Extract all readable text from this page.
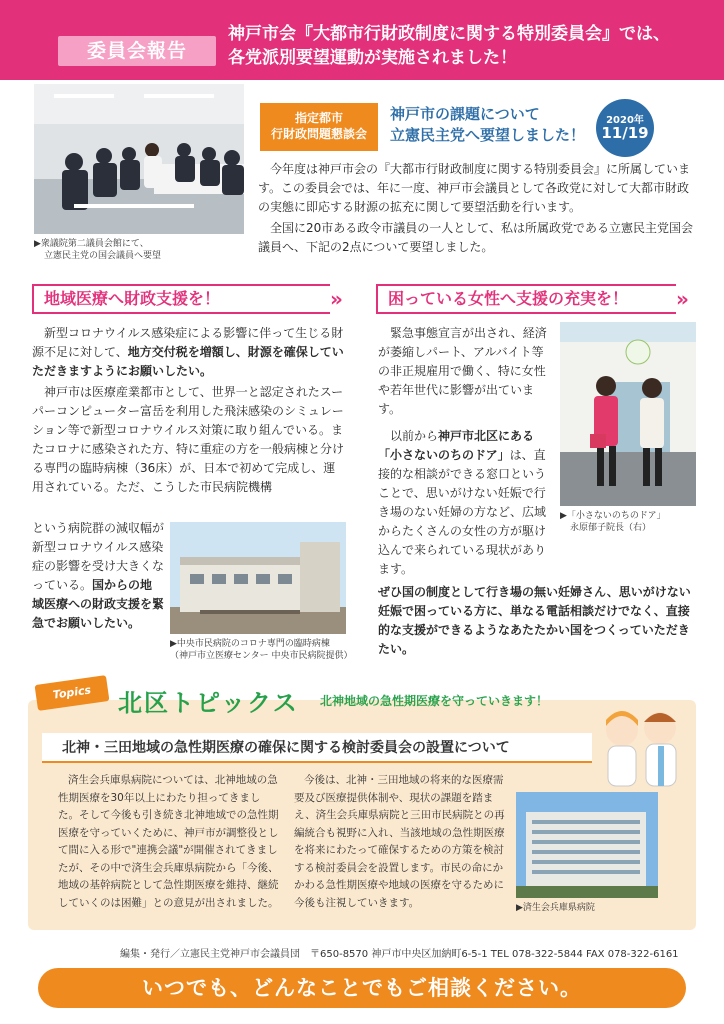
委員会報告
神戸市会『大都市行財政制度に関する特別委員会』では、
各党派別要望運動が実施されました！
▶衆議院第二議員会館にて、
立憲民主党の国会議員へ要望
指定都市
行財政問題懇談会
神戸市の課題について
立憲民主党へ要望しました！
2020年
11/19
今年度は神戸市会の『大都市行財政制度に関する特別委員会』に所属しています。この委員会では、年に一度、神戸市会議員として各政党に対して大都市財政の実態に即応する財源の拡充に関して要望活動を行います。
全国に20市ある政令市議員の一人として、私は所属政党である立憲民主党国会議員へ、下記の2点について要望しました。
地域医療へ財政支援を！	»	困っている女性へ支援の充実を！	»
新型コロナウイルス感染症による影響に伴って生じる財源不足に対して、地方交付税を増額し、財源を確保していただきますようにお願いしたい。
神戸市は医療産業都市として、世界一と認定されたスーパーコンピューター富岳を利用した飛沫感染のシミュレーション等で新型コロナウイルス対策に取り組んでいる。またコロナに感染された方、特に重症の方を一般病棟と分ける専門の臨時病棟（36床）が、日本で初めて完成し、運用されている。ただ、こうした市民病院機構
という病院群の減収幅が新型コロナウイルス感染症の影響を受け大きくなっている。国からの地域医療への財政支援を緊急でお願いしたい。
▶中央市民病院のコロナ専門の臨時病棟
（神戸市立医療センター 中央市民病院提供）
緊急事態宣言が出され、経済が萎縮しパート、アルバイト等の非正規雇用で働く、特に女性や若年世代に影響が出ています。
以前から神戸市北区にある「小さないのちのドア」は、直接的な相談ができる窓口ということで、思いがけない妊娠で行き場のない妊婦の方など、広域からたくさんの女性の方が駆け込んで来られている現状があります。
ぜひ国の制度として行き場の無い妊婦さん、思いがけない妊娠で困っている方に、単なる電話相談だけでなく、直接的な支援ができるようなあたたかい国をつくっていただきたい。
▶「小さないのちのドア」
永原郁子院長（右）
Topics	北区トピックス 北神地域の急性期医療を守っていきます！
北神・三田地域の急性期医療の確保に関する検討委員会の設置について
済生会兵庫県病院については、北神地域の急性期医療を30年以上にわたり担ってきました。そして今後も引き続き北神地域での急性期医療を守っていくために、神戸市が調整役として間に入る形で"連携会議"が開催されてきましたが、その中で済生会兵庫県病院から「今後、地域の基幹病院として急性期医療を維持、継続していくのは困難」との意見が出されました。
今後は、北神・三田地域の将来的な医療需要及び医療提供体制や、現状の課題を踏まえ、済生会兵庫県病院と三田市民病院との再編統合も視野に入れ、当該地域の急性期医療を将来にわたって確保するための方策を検討する検討委員会を設置します。市民の命にかかわる急性期医療や地域の医療を守るために今後も注視していきます。	▶済生会兵庫県病院
編集・発行／立憲民主党神戸市会議員団　〒650-8570 神戸市中央区加納町6-5-1 TEL 078-322-5844 FAX 078-322-6161
いつでも、どんなことでもご相談ください。
